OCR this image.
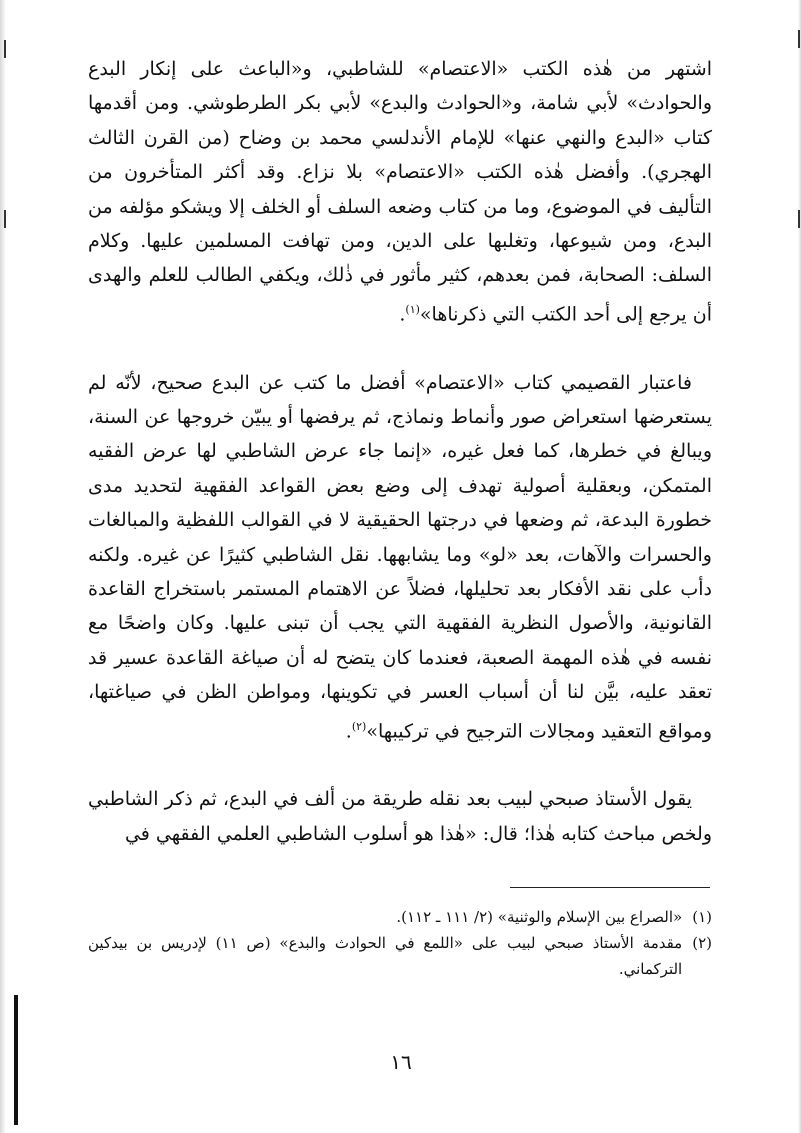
اشتهر من هٰذه الكتب «الاعتصام» للشاطبي، و«الباعث على إنكار البدع والحوادث» لأبي شامة، و«الحوادث والبدع» لأبي بكر الطرطوشي. ومن أقدمها كتاب «البدع والنهي عنها» للإمام الأندلسي محمد بن وضاح (من القرن الثالث الهجري). وأفضل هٰذه الكتب «الاعتصام» بلا نزاع. وقد أكثر المتأخرون من التأليف في الموضوع، وما من كتاب وضعه السلف أو الخلف إلا ويشكو مؤلفه من البدع، ومن شيوعها، وتغلبها على الدين، ومن تهافت المسلمين عليها. وكلام السلف: الصحابة، فمن بعدهم، كثير مأثور في ذٰلك، ويكفي الطالب للعلم والهدى أن يرجع إلى أحد الكتب التي ذكرناها»$^{(١)}$.

فاعتبار القصيمي كتاب «الاعتصام» أفضل ما كتب عن البدع صحيح، لأنّه لم يستعرضها استعراض صور وأنماط ونماذج، ثم يرفضها أو يبيّن خروجها عن السنة، ويبالغ في خطرها، كما فعل غيره، «إنما جاء عرض الشاطبي لها عرض الفقيه المتمكن، وبعقلية أصولية تهدف إلى وضع بعض القواعد الفقهية لتحديد مدى خطورة البدعة، ثم وضعها في درجتها الحقيقية لا في القوالب اللفظية والمبالغات والحسرات والآهات، بعد «لو» وما يشابهها. نقل الشاطبي كثيرًا عن غيره. ولكنه دأب على نقد الأفكار بعد تحليلها، فضلاً عن الاهتمام المستمر باستخراج القاعدة القانونية، والأصول النظرية الفقهية التي يجب أن تبنى عليها. وكان واضحًا مع نفسه في هٰذه المهمة الصعبة، فعندما كان يتضح له أن صياغة القاعدة عسير قد تعقد عليه، بيَّن لنا أن أسباب العسر في تكوينها، ومواطن الظن في صياغتها، ومواقع التعقيد ومجالات الترجيح في تركيبها»$^{(٢)}$.

يقول الأستاذ صبحي لبيب بعد نقله طريقة من ألف في البدع، ثم ذكر الشاطبي ولخص مباحث كتابه هٰذا؛ قال: «هٰذا هو أسلوب الشاطبي العلمي الفقهي في

(١)
«الصراع بين الإسلام والوثنية» (٢/ ١١١ ـ ١١٢).
(٢)
مقدمة الأستاذ صبحي لبيب على «اللمع في الحوادث والبدع» (ص ١١) لإدريس بن بيدكين التركماني.
١٦
